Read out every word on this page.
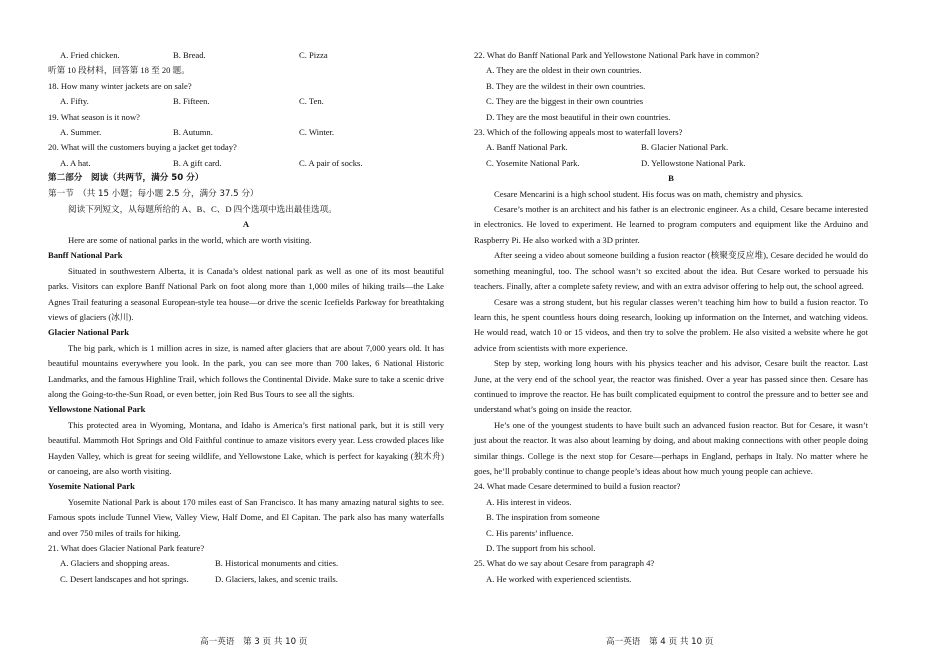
A. Fried chicken.	B. Bread.	C. Pizza
听第 10 段材料，回答第 18 至 20 题。
18. How many winter jackets are on sale?
A. Fifty.	B. Fifteen.	C. Ten.
19. What season is it now?
A. Summer.	B. Autumn.	C. Winter.
20. What will the customers buying a jacket get today?
A. A hat.	B. A gift card.	C. A pair of socks.
第二部分　阅读（共两节，满分 50 分）
第一节　（共 15 小题；每小题 2.5 分，满分 37.5 分）
阅读下列短文，从每题所给的 A、B、C、D 四个选项中选出最佳选项。
A
Here are some of national parks in the world, which are worth visiting.
Banff National Park
Situated in southwestern Alberta, it is Canada’s oldest national park as well as one of its most beautiful parks. Visitors can explore Banff National Park on foot along more than 1,000 miles of hiking trails—the Lake Agnes Trail featuring a seasonal European-style tea house—or drive the scenic Icefields Parkway for breathtaking views of glaciers (冰川).
Glacier National Park
The big park, which is 1 million acres in size, is named after glaciers that are about 7,000 years old. It has beautiful mountains everywhere you look. In the park, you can see more than 700 lakes, 6 National Historic Landmarks, and the famous Highline Trail, which follows the Continental Divide. Make sure to take a scenic drive along the Going-to-the-Sun Road, or even better, join Red Bus Tours to see all the sights.
Yellowstone National Park
This protected area in Wyoming, Montana, and Idaho is America’s first national park, but it is still very beautiful. Mammoth Hot Springs and Old Faithful continue to amaze visitors every year. Less crowded places like Hayden Valley, which is great for seeing wildlife, and Yellowstone Lake, which is perfect for kayaking (独木舟) or canoeing, are also worth visiting.
Yosemite National Park
Yosemite National Park is about 170 miles east of San Francisco. It has many amazing natural sights to see. Famous spots include Tunnel View, Valley View, Half Dome, and El Capitan. The park also has many waterfalls and over 750 miles of trails for hiking.
21. What does Glacier National Park feature?
A. Glaciers and shopping areas.	B. Historical monuments and cities.
C. Desert landscapes and hot springs.	D. Glaciers, lakes, and scenic trails.
22. What do Banff National Park and Yellowstone National Park have in common?
A. They are the oldest in their own countries.
B. They are the wildest in their own countries.
C. They are the biggest in their own countries
D. They are the most beautiful in their own countries.
23. Which of the following appeals most to waterfall lovers?
A. Banff National Park.	B. Glacier National Park.
C. Yosemite National Park.	D. Yellowstone National Park.
B
Cesare Mencarini is a high school student. His focus was on math, chemistry and physics.
Cesare’s mother is an architect and his father is an electronic engineer. As a child, Cesare became interested in electronics. He loved to experiment. He learned to program computers and equipment like the Arduino and Raspberry Pi. He also worked with a 3D printer.
After seeing a video about someone building a fusion reactor (核聚变反应堆), Cesare decided he would do something meaningful, too. The school wasn’t so excited about the idea. But Cesare worked to persuade his teachers. Finally, after a complete safety review, and with an extra advisor offering to help out, the school agreed.
Cesare was a strong student, but his regular classes weren’t teaching him how to build a fusion reactor. To learn this, he spent countless hours doing research, looking up information on the Internet, and watching videos. He would read, watch 10 or 15 videos, and then try to solve the problem. He also visited a website where he got advice from scientists with more experience.
Step by step, working long hours with his physics teacher and his advisor, Cesare built the reactor. Last June, at the very end of the school year, the reactor was finished. Over a year has passed since then. Cesare has continued to improve the reactor. He has built complicated equipment to control the pressure and to better see and understand what’s going on inside the reactor.
He’s one of the youngest students to have built such an advanced fusion reactor. But for Cesare, it wasn’t just about the reactor. It was also about learning by doing, and about making connections with other people doing similar things. College is the next stop for Cesare—perhaps in England, perhaps in Italy. No matter where he goes, he’ll probably continue to change people’s ideas about how much young people can achieve.
24. What made Cesare determined to build a fusion reactor?
A. His interest in videos.
B. The inspiration from someone
C. His parents’ influence.
D. The support from his school.
25. What do we say about Cesare from paragraph 4?
A. He worked with experienced scientists.
高一英语　第 3 页 共 10 页	高一英语　第 4 页 共 10 页
